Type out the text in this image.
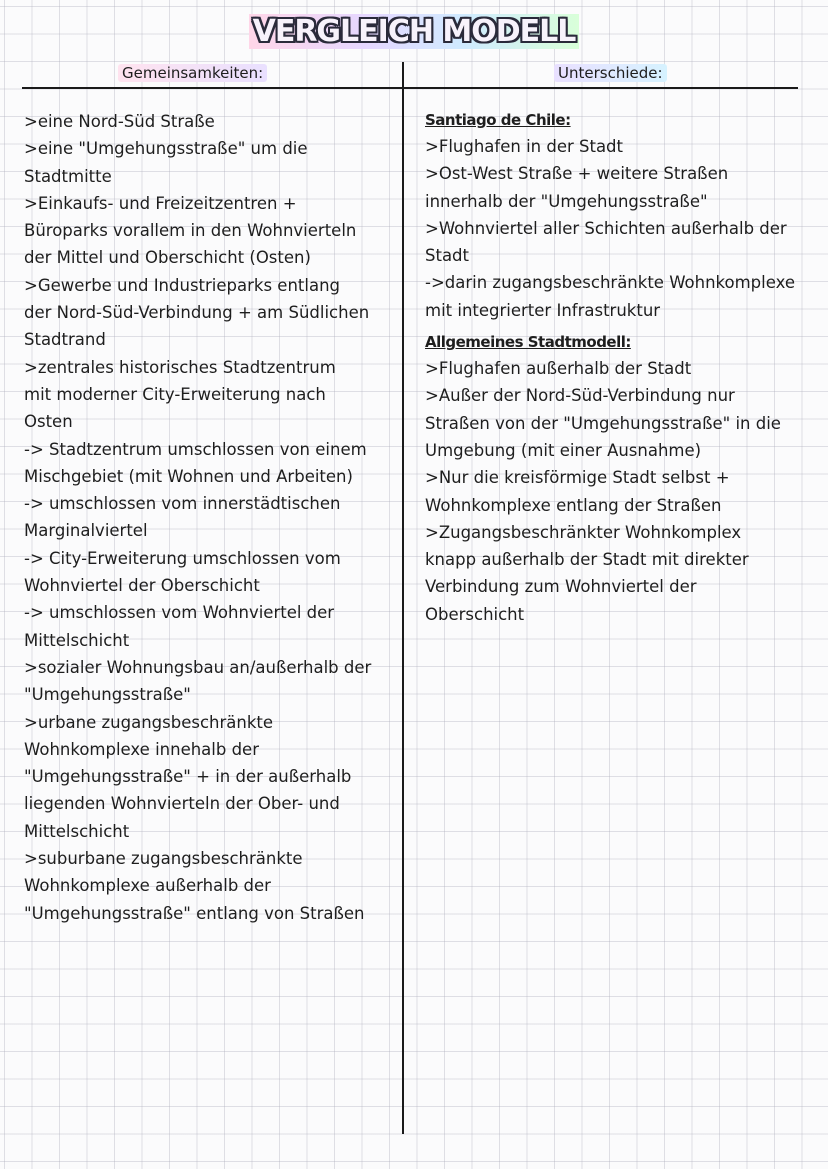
VERGLEICH MODELL
Gemeinsamkeiten:	Unterschiede:
>eine Nord-Süd Straße
>eine "Umgehungsstraße" um die
Stadtmitte
>Einkaufs- und Freizeitzentren +
Büroparks vorallem in den Wohnvierteln
der Mittel und Oberschicht (Osten)
>Gewerbe und Industrieparks entlang
der Nord-Süd-Verbindung + am Südlichen
Stadtrand
>zentrales historisches Stadtzentrum
mit moderner City-Erweiterung nach
Osten
-> Stadtzentrum umschlossen von einem
Mischgebiet (mit Wohnen und Arbeiten)
-> umschlossen vom innerstädtischen
Marginalviertel
-> City-Erweiterung umschlossen vom
Wohnviertel der Oberschicht
-> umschlossen vom Wohnviertel der
Mittelschicht
>sozialer Wohnungsbau an/außerhalb der
"Umgehungsstraße"
>urbane zugangsbeschränkte
Wohnkomplexe innehalb der
"Umgehungsstraße" + in der außerhalb
liegenden Wohnvierteln der Ober- und
Mittelschicht
>suburbane zugangsbeschränkte
Wohnkomplexe außerhalb der
"Umgehungsstraße" entlang von Straßen
Santiago de Chile:
>Flughafen in der Stadt
>Ost-West Straße + weitere Straßen
innerhalb der "Umgehungsstraße"
>Wohnviertel aller Schichten außerhalb der
Stadt
->darin zugangsbeschränkte Wohnkomplexe
mit integrierter Infrastruktur
Allgemeines Stadtmodell:
>Flughafen außerhalb der Stadt
>Außer der Nord-Süd-Verbindung nur
Straßen von der "Umgehungsstraße" in die
Umgebung (mit einer Ausnahme)
>Nur die kreisförmige Stadt selbst +
Wohnkomplexe entlang der Straßen
>Zugangsbeschränkter Wohnkomplex
knapp außerhalb der Stadt mit direkter
Verbindung zum Wohnviertel der
Oberschicht
